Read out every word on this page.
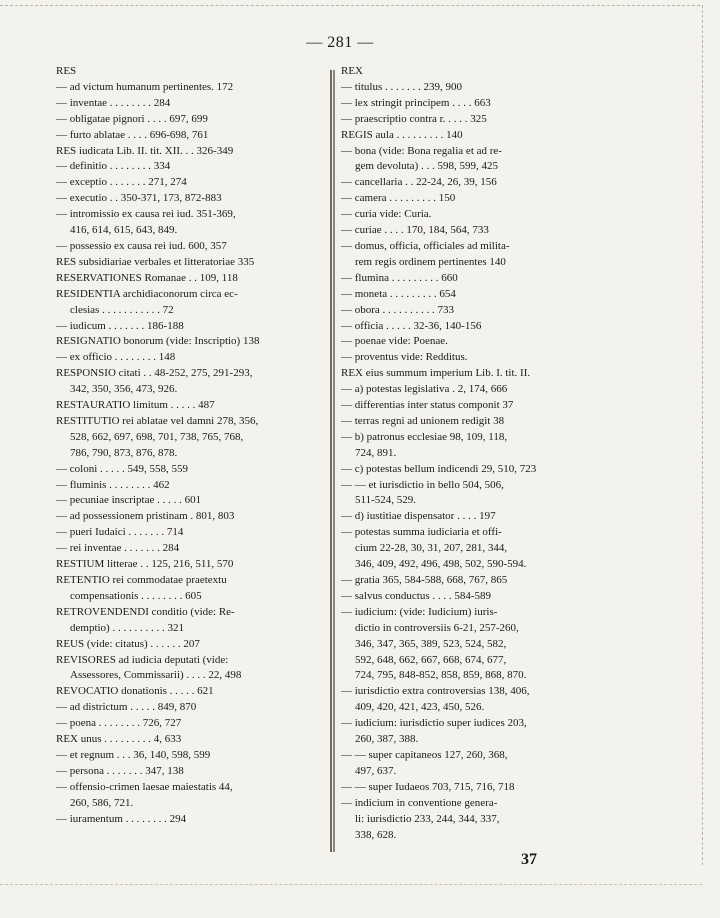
— 281 —

RES

— ad victum humanum pertinentes. 172

— inventae . . . . . . . . 284

— obligatae pignori . . . . 697, 699

— furto ablatae . . . . 696-698, 761

RES iudicata Lib. II. tit. XII. . . 326-349

— definitio . . . . . . . . 334

— exceptio . . . . . . . 271, 274

— executio . . 350-371, 173, 872-883

— intromissio ex causa rei iud. 351-369,

416, 614, 615, 643, 849.

— possessio ex causa rei iud. 600, 357

RES subsidiariae verbales et litteratoriae 335

RESERVATIONES Romanae . . 109, 118

RESIDENTIA archidiaconorum circa ec-

clesias . . . . . . . . . . . 72

— iudicum . . . . . . . 186-188

RESIGNATIO bonorum (vide: Inscriptio) 138

— ex officio . . . . . . . . 148

RESPONSIO citati . . 48-252, 275, 291-293,

342, 350, 356, 473, 926.

RESTAURATIO limitum . . . . . 487

RESTITUTIO rei ablatae vel damni 278, 356,

528, 662, 697, 698, 701, 738, 765, 768,

786, 790, 873, 876, 878.

— coloni . . . . . 549, 558, 559

— fluminis . . . . . . . . 462

— pecuniae inscriptae . . . . . 601

— ad possessionem pristinam . 801, 803

— pueri Iudaici . . . . . . . 714

— rei inventae . . . . . . . 284

RESTIUM litterae . . 125, 216, 511, 570

RETENTIO rei commodatae praetextu

compensationis . . . . . . . . 605

RETROVENDENDI conditio (vide: Re-

demptio) . . . . . . . . . . 321

REUS (vide: citatus) . . . . . . 207

REVISORES ad iudicia deputati (vide:

Assessores, Commissarii) . . . . 22, 498

REVOCATIO donationis . . . . . 621

— ad districtum . . . . . 849, 870

— poena . . . . . . . . 726, 727

REX unus . . . . . . . . . 4, 633

— et regnum . . . 36, 140, 598, 599

— persona . . . . . . . 347, 138

— offensio-crimen laesae maiestatis 44,

260, 586, 721.

— iuramentum . . . . . . . . 294

REX

— titulus . . . . . . . 239, 900

— lex stringit principem . . . . 663

— praescriptio contra r. . . . . 325

REGIS aula . . . . . . . . . 140

— bona (vide: Bona regalia et ad re-

gem devoluta) . . . 598, 599, 425

— cancellaria . . 22-24, 26, 39, 156

— camera . . . . . . . . . 150

— curia vide: Curia.

— curiae . . . . 170, 184, 564, 733

— domus, officia, officiales ad milita-

rem regis ordinem pertinentes 140

— flumina . . . . . . . . . 660

— moneta . . . . . . . . . 654

— obora . . . . . . . . . . 733

— officia . . . . . 32-36, 140-156

— poenae vide: Poenae.

— proventus vide: Redditus.

REX eius summum imperium Lib. I. tit. II.

— a) potestas legislativa . 2, 174, 666

— differentias inter status componit 37

— terras regni ad unionem redigit 38

— b) patronus ecclesiae 98, 109, 118,

724, 891.

— c) potestas bellum indicendi 29, 510, 723

— — et iurisdictio in bello 504, 506,

511-524, 529.

— d) iustitiae dispensator . . . . 197

— potestas summa iudiciaria et offi-

cium 22-28, 30, 31, 207, 281, 344,

346, 409, 492, 496, 498, 502, 590-594.

— gratia 365, 584-588, 668, 767, 865

— salvus conductus . . . . 584-589

— iudicium: (vide: Iudicium) iuris-

dictio in controversiis 6-21, 257-260,

346, 347, 365, 389, 523, 524, 582,

592, 648, 662, 667, 668, 674, 677,

724, 795, 848-852, 858, 859, 868, 870.

— iurisdictio extra controversias 138, 406,

409, 420, 421, 423, 450, 526.

— iudicium: iurisdictio super iudices 203,

260, 387, 388.

— — super capitaneos 127, 260, 368,

497, 637.

— — super Iudaeos 703, 715, 716, 718

— indicium in conventione genera-

li: iurisdictio 233, 244, 344, 337,

338, 628.

37
